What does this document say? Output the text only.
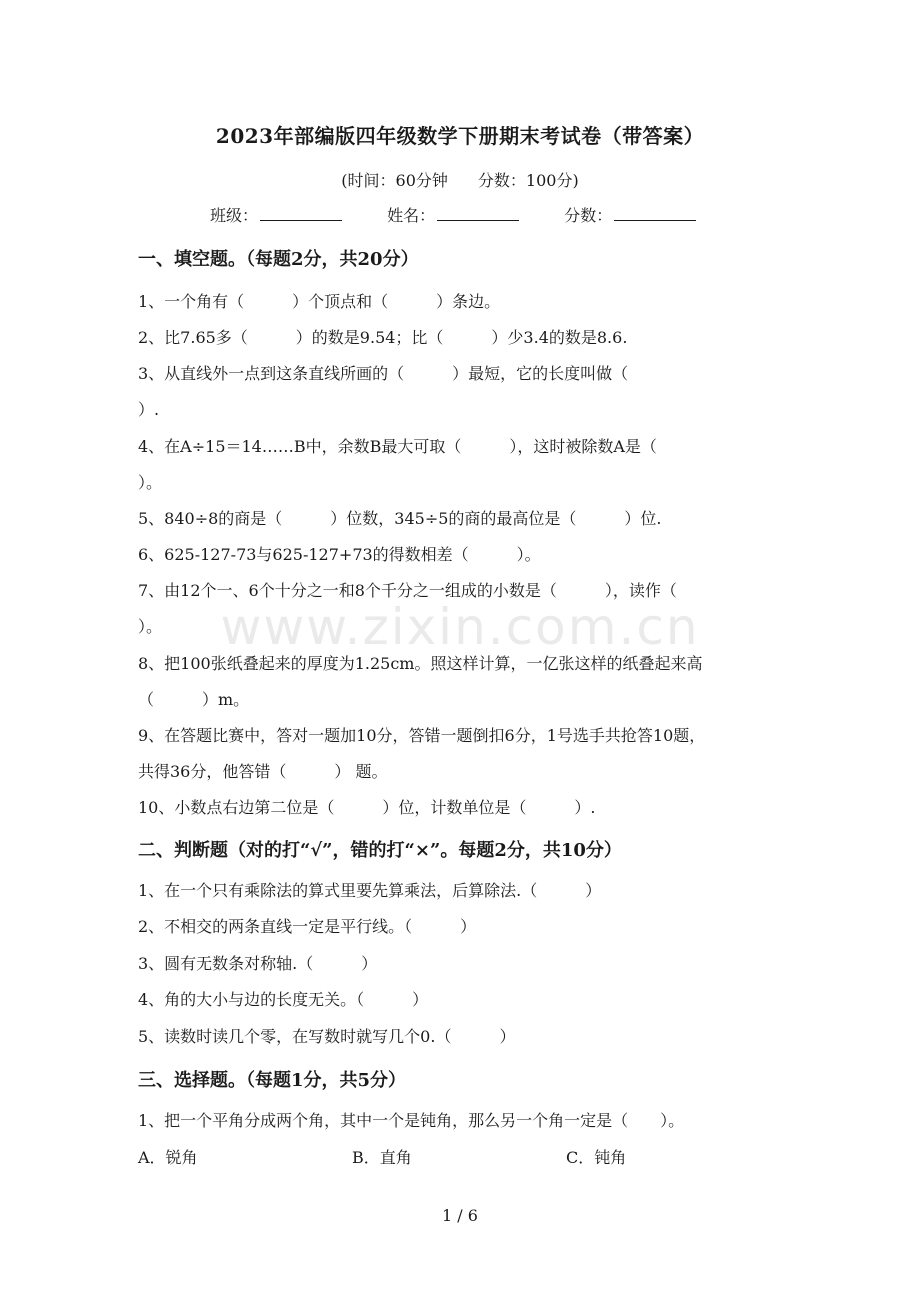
2023年部编版四年级数学下册期末考试卷（带答案）
(时间：60分钟 分数：100分)
班级：	姓名：	分数：
一、填空题。（每题2分，共20分）
1、一个角有（　　　）个顶点和（　　　）条边。
2、比7.65多（　　　）的数是9.54；比（　　　）少3.4的数是8.6.
3、从直线外一点到这条直线所画的（　　　）最短，它的长度叫做（
）.
4、在A÷15＝14……B中，余数B最大可取（　　　），这时被除数A是（
）。
5、840÷8的商是（　　　）位数，345÷5的商的最高位是（　　　）位.
6、625-127-73与625-127+73的得数相差（　　　）。
7、由12个一、6个十分之一和8个千分之一组成的小数是（　　　），读作（
）。
8、把100张纸叠起来的厚度为1.25cm。照这样计算，一亿张这样的纸叠起来高
（　　　）m。
9、在答题比赛中，答对一题加10分，答错一题倒扣6分，1号选手共抢答10题，
共得36分，他答错（　　　） 题。
10、小数点右边第二位是（　　　）位，计数单位是（　　　）.
二、判断题（对的打“√”，错的打“×”。每题2分，共10分）
1、在一个只有乘除法的算式里要先算乘法，后算除法.（　　　）
2、不相交的两条直线一定是平行线。（　　　）
3、圆有无数条对称轴.（　　　）
4、角的大小与边的长度无关。（　　　）
5、读数时读几个零，在写数时就写几个0.（　　　）
三、选择题。（每题1分，共5分）
1、把一个平角分成两个角，其中一个是钝角，那么另一个角一定是（　　）。
A．锐角	B．直角	C．钝角
www.zixin.com.cn
1 / 6
